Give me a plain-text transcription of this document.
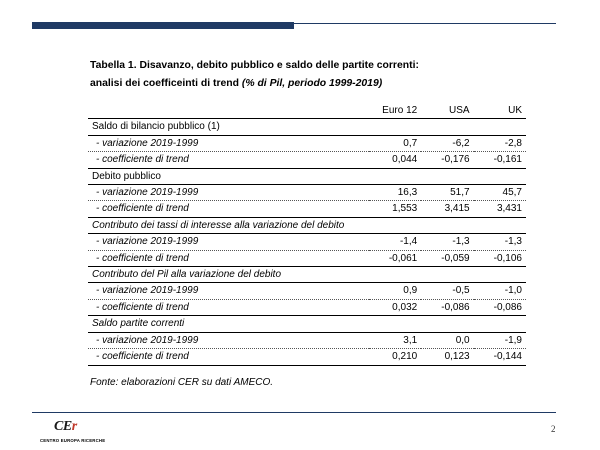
Tabella 1. Disavanzo, debito pubblico e saldo delle partite correnti:
analisi dei coefficeinti di trend (% di Pil, periodo 1999-2019)
	Euro 12	USA	UK
Saldo di bilancio pubblico (1)			
- variazione 2019-1999	0,7	-6,2	-2,8
- coefficiente di trend	0,044	-0,176	-0,161
Debito pubblico			
- variazione 2019-1999	16,3	51,7	45,7
- coefficiente di trend	1,553	3,415	3,431
Contributo dei tassi di interesse alla variazione del debito			
- variazione 2019-1999	-1,4	-1,3	-1,3
- coefficiente di trend	-0,061	-0,059	-0,106
Contributo del Pil alla variazione del debito			
- variazione 2019-1999	0,9	-0,5	-1,0
- coefficiente di trend	0,032	-0,086	-0,086
Saldo partite correnti			
- variazione 2019-1999	3,1	0,0	-1,9
- coefficiente di trend	0,210	0,123	-0,144
Fonte: elaborazioni CER su dati AMECO.
CEr
CENTRO EUROPA RICERCHE
2
